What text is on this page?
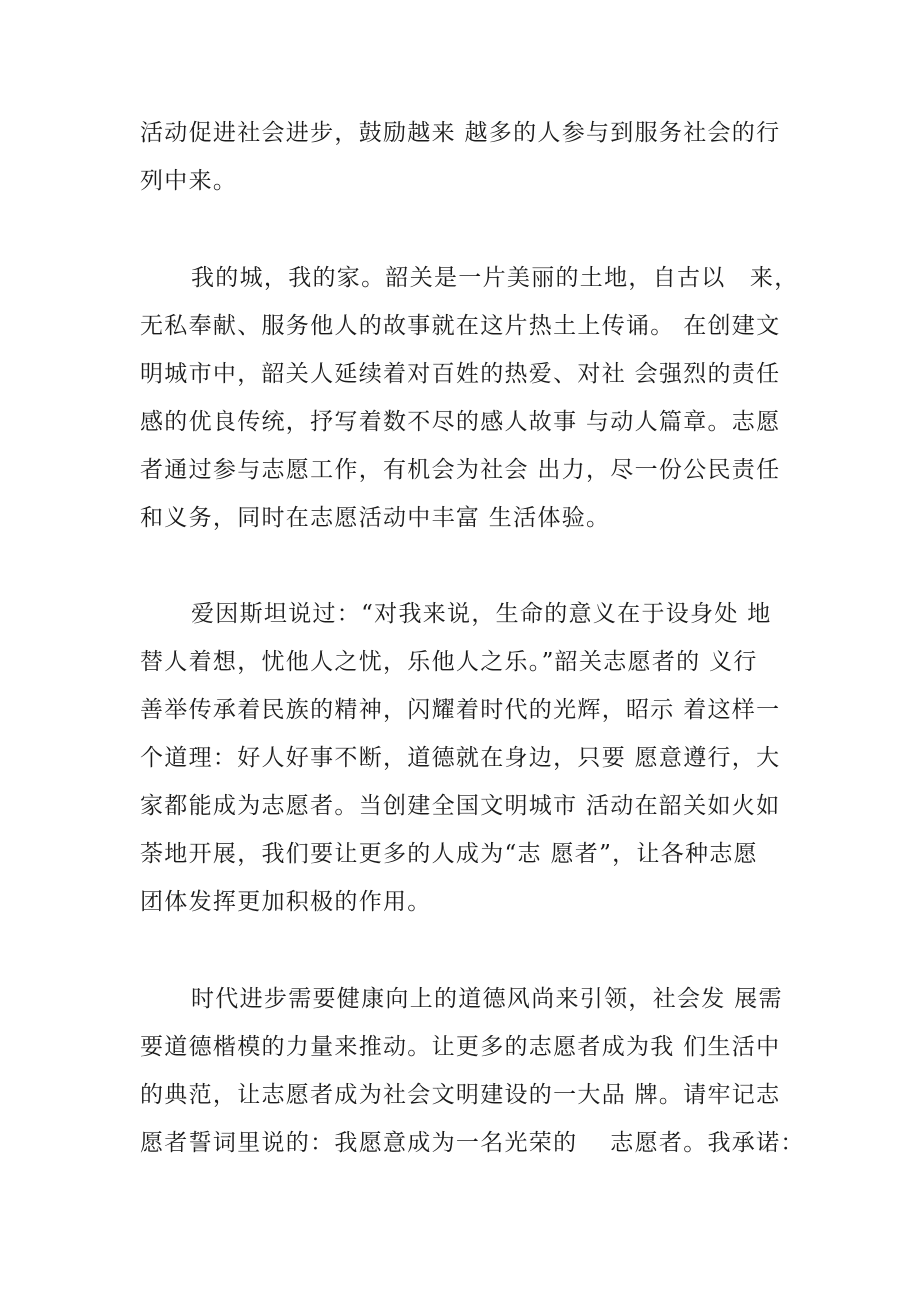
活动促进社会进步，鼓励越来 越多的人参与到服务社会的行
列中来。
我的城，我的家。韶关是一片美丽的土地，自古以　来，
无私奉献、服务他人的故事就在这片热土上传诵。 在创建文
明城市中，韶关人延续着对百姓的热爱、对社 会强烈的责任
感的优良传统，抒写着数不尽的感人故事 与动人篇章。志愿
者通过参与志愿工作，有机会为社会 出力，尽一份公民责任
和义务，同时在志愿活动中丰富 生活体验。
爱因斯坦说过：“对我来说，生命的意义在于设身处 地
替人着想，忧他人之忧，乐他人之乐。”韶关志愿者的 义行
善举传承着民族的精神，闪耀着时代的光辉，昭示 着这样一
个道理：好人好事不断，道德就在身边，只要 愿意遵行，大
家都能成为志愿者。当创建全国文明城市 活动在韶关如火如
荼地开展，我们要让更多的人成为“志 愿者”，让各种志愿
团体发挥更加积极的作用。
时代进步需要健康向上的道德风尚来引领，社会发 展需
要道德楷模的力量来推动。让更多的志愿者成为我 们生活中
的典范，让志愿者成为社会文明建设的一大品 牌。请牢记志
愿者誓词里说的：我愿意成为一名光荣的　 志愿者。我承诺：
